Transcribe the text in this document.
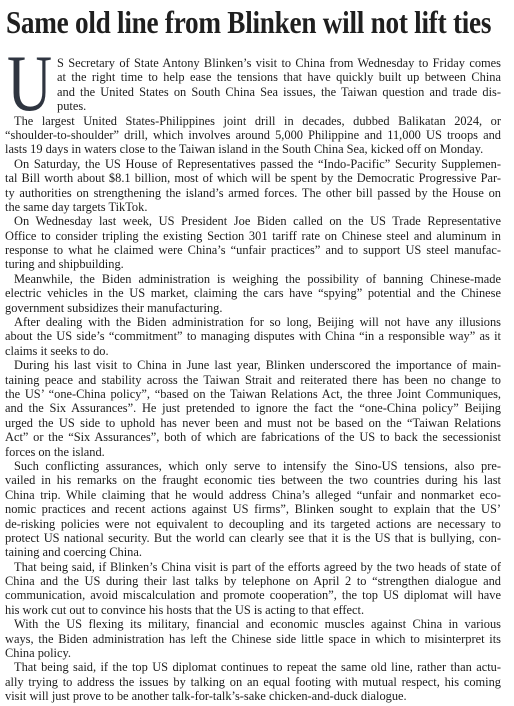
Same old line from Blinken will not lift ties
U S Secretary of State Antony Blinken’s visit to China from Wednesday to Friday comes
at the right time to help ease the tensions that have quickly built up between China
and the United States on South China Sea issues, the Taiwan question and trade dis-
putes.
The largest United States-Philippines joint drill in decades, dubbed Balikatan 2024, or
“shoulder-to-shoulder” drill, which involves around 5,000 Philippine and 11,000 US troops and
lasts 19 days in waters close to the Taiwan island in the South China Sea, kicked off on Monday.
On Saturday, the US House of Representatives passed the “Indo-Pacific” Security Supplemen-
tal Bill worth about $8.1 billion, most of which will be spent by the Democratic Progressive Par-
ty authorities on strengthening the island’s armed forces. The other bill passed by the House on
the same day targets TikTok.
On Wednesday last week, US President Joe Biden called on the US Trade Representative
Office to consider tripling the existing Section 301 tariff rate on Chinese steel and aluminum in
response to what he claimed were China’s “unfair practices” and to support US steel manufac-
turing and shipbuilding.
Meanwhile, the Biden administration is weighing the possibility of banning Chinese-made
electric vehicles in the US market, claiming the cars have “spying” potential and the Chinese
government subsidizes their manufacturing.
After dealing with the Biden administration for so long, Beijing will not have any illusions
about the US side’s “commitment” to managing disputes with China “in a responsible way” as it
claims it seeks to do.
During his last visit to China in June last year, Blinken underscored the importance of main-
taining peace and stability across the Taiwan Strait and reiterated there has been no change to
the US’ “one-China policy”, “based on the Taiwan Relations Act, the three Joint Communiques,
and the Six Assurances”. He just pretended to ignore the fact the “one-China policy” Beijing
urged the US side to uphold has never been and must not be based on the “Taiwan Relations
Act” or the “Six Assurances”, both of which are fabrications of the US to back the secessionist
forces on the island.
Such conflicting assurances, which only serve to intensify the Sino-US tensions, also pre-
vailed in his remarks on the fraught economic ties between the two countries during his last
China trip. While claiming that he would address China’s alleged “unfair and nonmarket eco-
nomic practices and recent actions against US firms”, Blinken sought to explain that the US’
de-risking policies were not equivalent to decoupling and its targeted actions are necessary to
protect US national security. But the world can clearly see that it is the US that is bullying, con-
taining and coercing China.
That being said, if Blinken’s China visit is part of the efforts agreed by the two heads of state of
China and the US during their last talks by telephone on April 2 to “strengthen dialogue and
communication, avoid miscalculation and promote cooperation”, the top US diplomat will have
his work cut out to convince his hosts that the US is acting to that effect.
With the US flexing its military, financial and economic muscles against China in various
ways, the Biden administration has left the Chinese side little space in which to misinterpret its
China policy.
That being said, if the top US diplomat continues to repeat the same old line, rather than actu-
ally trying to address the issues by talking on an equal footing with mutual respect, his coming
visit will just prove to be another talk-for-talk’s-sake chicken-and-duck dialogue.
